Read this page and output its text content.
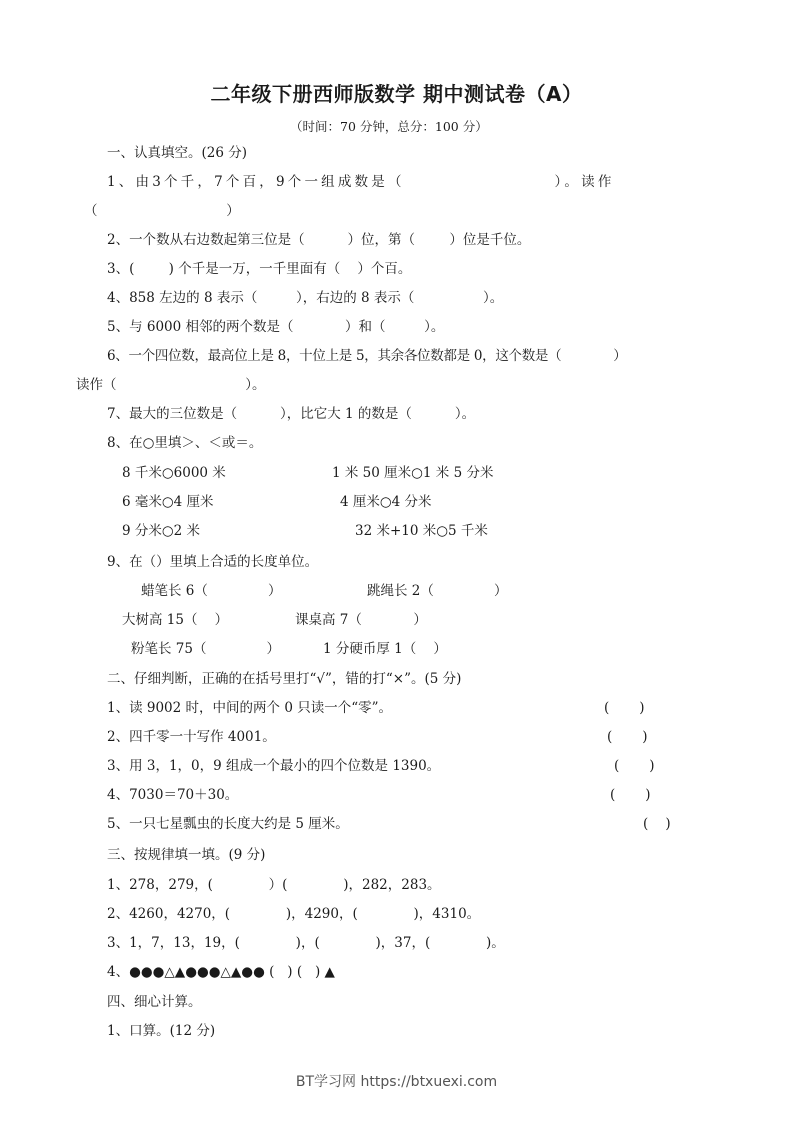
二年级下册西师版数学 期中测试卷（A）
（时间：70 分钟，总分：100 分）
一、认真填空。(26 分)
1、由3个千，7个百，9个一组成数是（                    ）。读作
（                              ）
2、一个数从右边数起第三位是（          ）位，第（        ）位是千位。
3、(        ) 个千是一万，一千里面有（    ）个百。
4、858 左边的 8 表示（         ），右边的 8 表示（                ）。
5、与 6000 相邻的两个数是（            ）和（         ）。
6、一个四位数，最高位上是 8，十位上是 5，其余各位数都是 0，这个数是（             ）
读作（                              ）。
7、最大的三位数是（          ），比它大 1 的数是（          ）。
8、在○里填＞、＜或＝。
8 千米○6000 米	1 米 50 厘米○1 米 5 分米
6 毫米○4 厘米	4 厘米○4 分米
9 分米○2 米	32 米+10 米○5 千米
9、在（）里填上合适的长度单位。
蜡笔长 6（              ）	跳绳长 2（              ）
大树高 15（    ）	课桌高 7（            ）
粉笔长 75（              ）	1 分硬币厚 1（    ）
二、仔细判断，正确的在括号里打“√”，错的打“×”。(5 分)
1、读 9002 时，中间的两个 0 只读一个“零”。	(       )
2、四千零一十写作 4001。	(       )
3、用 3，1，0，9 组成一个最小的四个位数是 1390。	(       )
4、7030＝70＋30。	(       )
5、一只七星瓢虫的长度大约是 5 厘米。	(    )
三、按规律填一填。(9 分)
1、278，279，(             ）(             )，282，283。
2、4260，4270，(             )，4290，(             )，4310。
3、1，7，13，19，(             )，(             )，37，(             )。
4、●●●△▲●●●△▲●● (   ) (   ) ▲
四、细心计算。
1、口算。(12 分)
BT学习网 https://btxuexi.com
